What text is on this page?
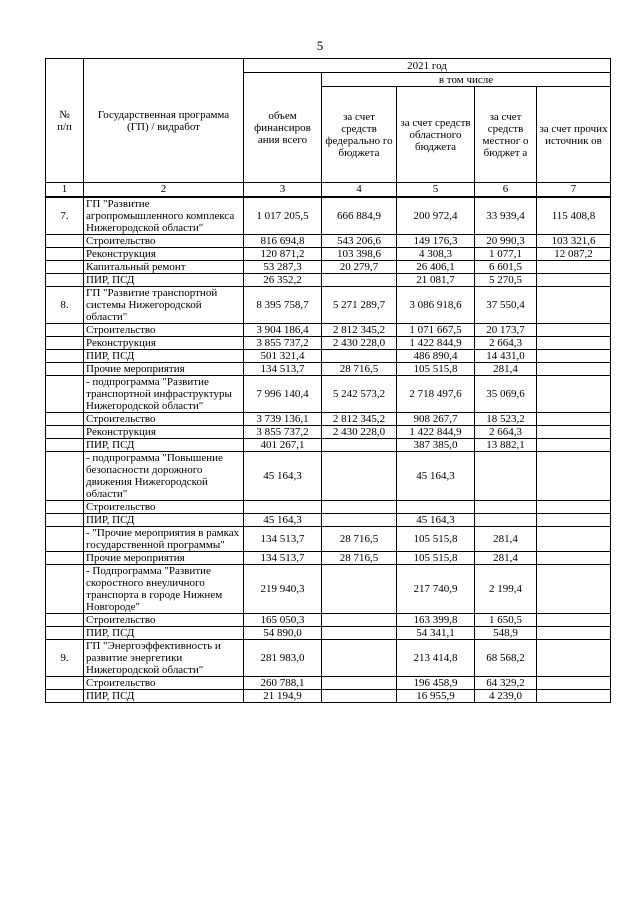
5
№
п/п	Государственная программа (ГП) / видработ	2021 год				
		объем финансиров ания всего	в том числе			
			за счет средств федерально го бюджета	за счет средств областного бюджета	за счет средств местног о бюджет а	за счет прочих источник ов
1	2	3	4	5	6	7
7.	ГП "Развитие агропромышленного комплекса Нижегородской области"	1 017 205,5	666 884,9	200 972,4	33 939,4	115 408,8
	Строительство	816 694,8	543 206,6	149 176,3	20 990,3	103 321,6
	Реконструкция	120 871,2	103 398,6	4 308,3	1 077,1	12 087,2
	Капитальный ремонт	53 287,3	20 279,7	26 406,1	6 601,5	
	ПИР, ПСД	26 352,2		21 081,7	5 270,5	
8.	ГП "Развитие транспортной системы Нижегородской области"	8 395 758,7	5 271 289,7	3 086 918,6	37 550,4	
	Строительство	3 904 186,4	2 812 345,2	1 071 667,5	20 173,7	
	Реконструкция	3 855 737,2	2 430 228,0	1 422 844,9	2 664,3	
	ПИР, ПСД	501 321,4		486 890,4	14 431,0	
	Прочие мероприятия	134 513,7	28 716,5	105 515,8	281,4	
	- подпрограмма "Развитие транспортной инфраструктуры Нижегородской области"	7 996 140,4	5 242 573,2	2 718 497,6	35 069,6	
	Строительство	3 739 136,1	2 812 345,2	908 267,7	18 523,2	
	Реконструкция	3 855 737,2	2 430 228,0	1 422 844,9	2 664,3	
	ПИР, ПСД	401 267,1		387 385,0	13 882,1	
	- подпрограмма "Повышение безопасности дорожного движения Нижегородской области"	45 164,3		45 164,3		
	Строительство					
	ПИР, ПСД	45 164,3		45 164,3		
	- "Прочие мероприятия в рамках государственной программы"	134 513,7	28 716,5	105 515,8	281,4	
	Прочие мероприятия	134 513,7	28 716,5	105 515,8	281,4	
	- Подпрограмма "Развитие скоростного внеуличного транспорта в городе Нижнем Новгороде"	219 940,3		217 740,9	2 199,4	
	Строительство	165 050,3		163 399,8	1 650,5	
	ПИР, ПСД	54 890,0		54 341,1	548,9	
9.	ГП "Энергоэффективность и развитие энергетики Нижегородской области"	281 983,0		213 414,8	68 568,2	
	Строительство	260 788,1		196 458,9	64 329,2	
	ПИР, ПСД	21 194,9		16 955,9	4 239,0	
